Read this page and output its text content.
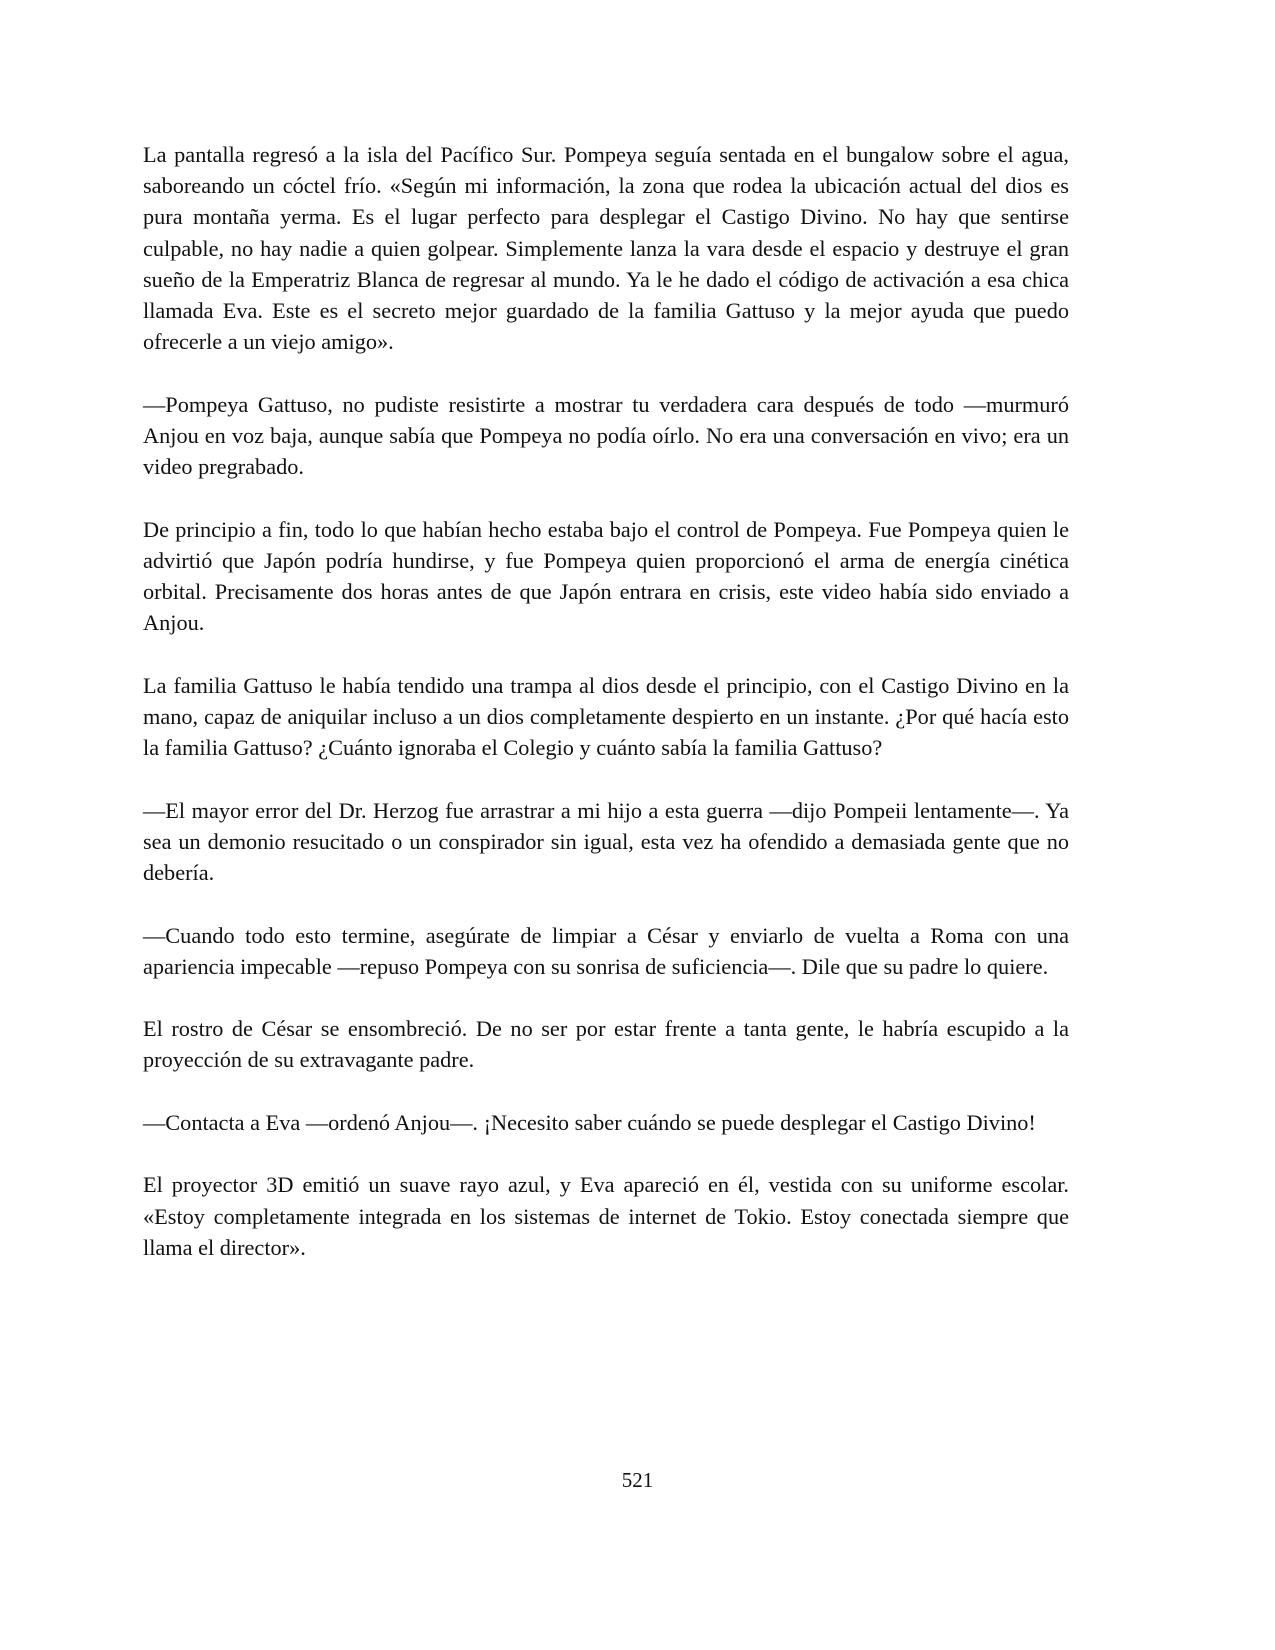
La pantalla regresó a la isla del Pacífico Sur. Pompeya seguía sentada en el bungalow sobre el agua, saboreando un cóctel frío. «Según mi información, la zona que rodea la ubicación actual del dios es pura montaña yerma. Es el lugar perfecto para desplegar el Castigo Divino. No hay que sentirse culpable, no hay nadie a quien golpear. Simplemente lanza la vara desde el espacio y destruye el gran sueño de la Emperatriz Blanca de regresar al mundo. Ya le he dado el código de activación a esa chica llamada Eva. Este es el secreto mejor guardado de la familia Gattuso y la mejor ayuda que puedo ofrecerle a un viejo amigo».

—Pompeya Gattuso, no pudiste resistirte a mostrar tu verdadera cara después de todo —murmuró Anjou en voz baja, aunque sabía que Pompeya no podía oírlo. No era una conversación en vivo; era un video pregrabado.

De principio a fin, todo lo que habían hecho estaba bajo el control de Pompeya. Fue Pompeya quien le advirtió que Japón podría hundirse, y fue Pompeya quien proporcionó el arma de energía cinética orbital. Precisamente dos horas antes de que Japón entrara en crisis, este video había sido enviado a Anjou.

La familia Gattuso le había tendido una trampa al dios desde el principio, con el Castigo Divino en la mano, capaz de aniquilar incluso a un dios completamente despierto en un instante. ¿Por qué hacía esto la familia Gattuso? ¿Cuánto ignoraba el Colegio y cuánto sabía la familia Gattuso?

—El mayor error del Dr. Herzog fue arrastrar a mi hijo a esta guerra —dijo Pompeii lentamente—. Ya sea un demonio resucitado o un conspirador sin igual, esta vez ha ofendido a demasiada gente que no debería.

—Cuando todo esto termine, asegúrate de limpiar a César y enviarlo de vuelta a Roma con una apariencia impecable —repuso Pompeya con su sonrisa de suficiencia—. Dile que su padre lo quiere.

El rostro de César se ensombreció. De no ser por estar frente a tanta gente, le habría escupido a la proyección de su extravagante padre.

—Contacta a Eva —ordenó Anjou—. ¡Necesito saber cuándo se puede desplegar el Castigo Divino!

El proyector 3D emitió un suave rayo azul, y Eva apareció en él, vestida con su uniforme escolar. «Estoy completamente integrada en los sistemas de internet de Tokio. Estoy conectada siempre que llama el director».

521
